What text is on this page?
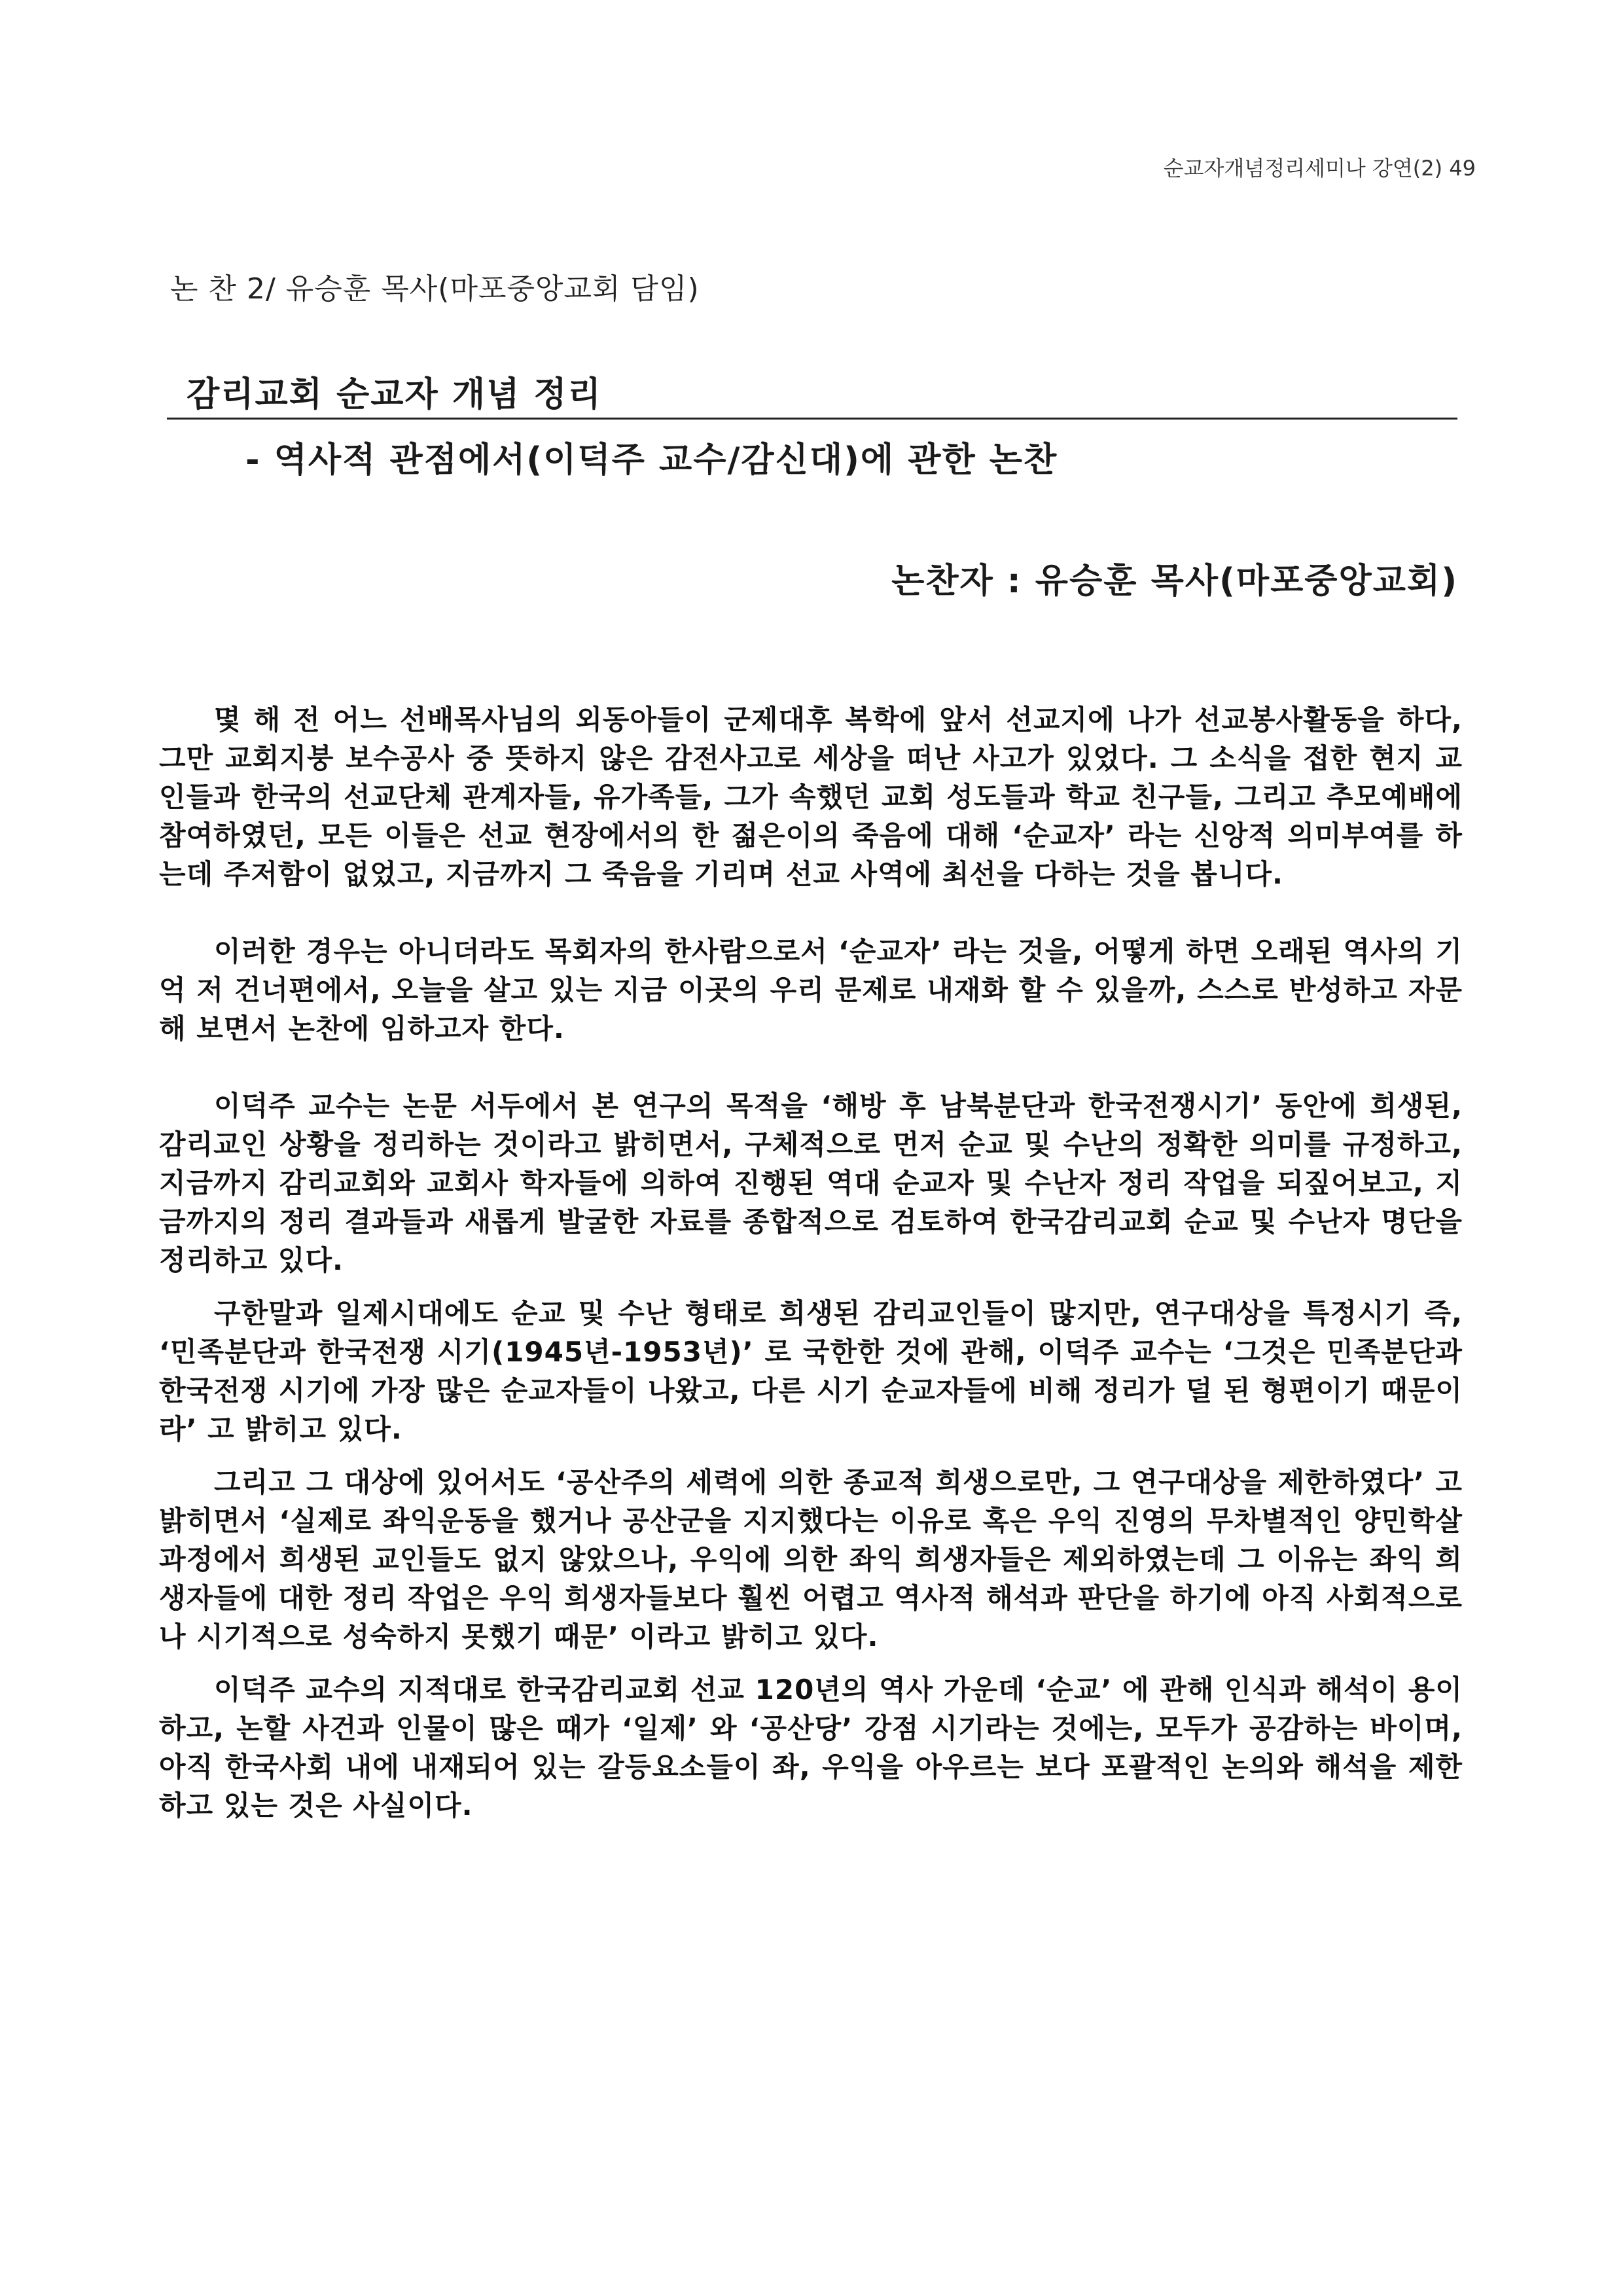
순교자개념정리세미나 강연(2) 49
논 찬 2/ 유승훈 목사(마포중앙교회 담임)
감리교회 순교자 개념 정리
- 역사적 관점에서(이덕주 교수/감신대)에 관한 논찬
논찬자 : 유승훈 목사(마포중앙교회)

몇 해 전 어느 선배목사님의 외동아들이 군제대후 복학에 앞서 선교지에 나가 선교봉사활동을 하다, 그만 교회지붕 보수공사 중 뜻하지 않은 감전사고로 세상을 떠난 사고가 있었다. 그 소식을 접한 현지 교인들과 한국의 선교단체 관계자들, 유가족들, 그가 속했던 교회 성도들과 학교 친구들, 그리고 추모예배에 참여하였던, 모든 이들은 선교 현장에서의 한 젊은이의 죽음에 대해 ‘순교자’ 라는 신앙적 의미부여를 하는데 주저함이 없었고, 지금까지 그 죽음을 기리며 선교 사역에 최선을 다하는 것을 봅니다.

이러한 경우는 아니더라도 목회자의 한사람으로서 ‘순교자’ 라는 것을, 어떻게 하면 오래된 역사의 기억 저 건너편에서, 오늘을 살고 있는 지금 이곳의 우리 문제로 내재화 할 수 있을까, 스스로 반성하고 자문해 보면서 논찬에 임하고자 한다.

이덕주 교수는 논문 서두에서 본 연구의 목적을 ‘해방 후 남북분단과 한국전쟁시기’ 동안에 희생된, 감리교인 상황을 정리하는 것이라고 밝히면서, 구체적으로 먼저 순교 및 수난의 정확한 의미를 규정하고, 지금까지 감리교회와 교회사 학자들에 의하여 진행된 역대 순교자 및 수난자 정리 작업을 되짚어보고, 지금까지의 정리 결과들과 새롭게 발굴한 자료를 종합적으로 검토하여 한국감리교회 순교 및 수난자 명단을 정리하고 있다.

구한말과 일제시대에도 순교 및 수난 형태로 희생된 감리교인들이 많지만, 연구대상을 특정시기 즉, ‘민족분단과 한국전쟁 시기(1945년-1953년)’ 로 국한한 것에 관해, 이덕주 교수는 ‘그것은 민족분단과 한국전쟁 시기에 가장 많은 순교자들이 나왔고, 다른 시기 순교자들에 비해 정리가 덜 된 형편이기 때문이라’ 고 밝히고 있다.

그리고 그 대상에 있어서도 ‘공산주의 세력에 의한 종교적 희생으로만, 그 연구대상을 제한하였다’ 고 밝히면서 ‘실제로 좌익운동을 했거나 공산군을 지지했다는 이유로 혹은 우익 진영의 무차별적인 양민학살 과정에서 희생된 교인들도 없지 않았으나, 우익에 의한 좌익 희생자들은 제외하였는데 그 이유는 좌익 희생자들에 대한 정리 작업은 우익 희생자들보다 훨씬 어렵고 역사적 해석과 판단을 하기에 아직 사회적으로나 시기적으로 성숙하지 못했기 때문’ 이라고 밝히고 있다.

이덕주 교수의 지적대로 한국감리교회 선교 120년의 역사 가운데 ‘순교’ 에 관해 인식과 해석이 용이하고, 논할 사건과 인물이 많은 때가 ‘일제’ 와 ‘공산당’ 강점 시기라는 것에는, 모두가 공감하는 바이며, 아직 한국사회 내에 내재되어 있는 갈등요소들이 좌, 우익을 아우르는 보다 포괄적인 논의와 해석을 제한하고 있는 것은 사실이다.
